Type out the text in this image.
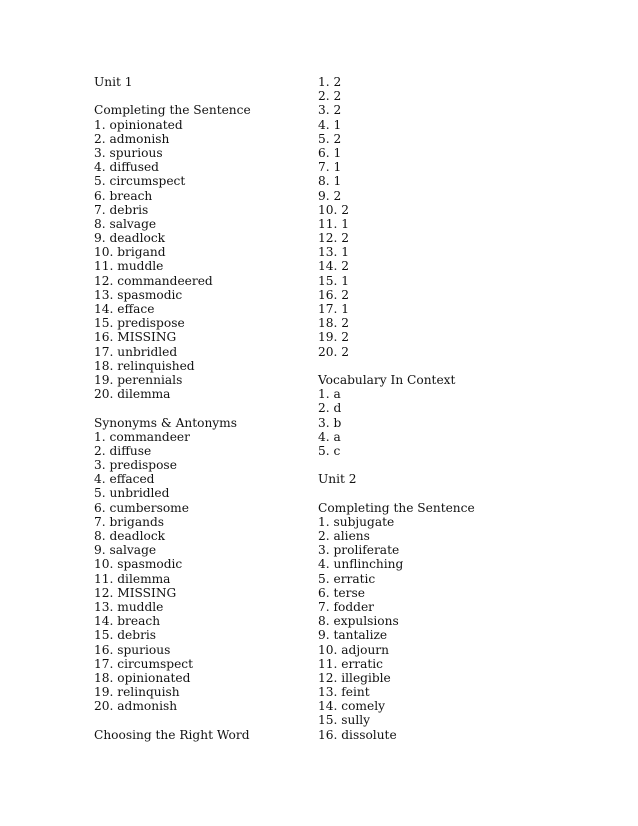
Unit 1
Completing the Sentence
1. opinionated
2. admonish
3. spurious
4. diffused
5. circumspect
6. breach
7. debris
8. salvage
9. deadlock
10. brigand
11. muddle
12. commandeered
13. spasmodic
14. efface
15. predispose
16. MISSING
17. unbridled
18. relinquished
19. perennials
20. dilemma
Synonyms & Antonyms
1. commandeer
2. diffuse
3. predispose
4. effaced
5. unbridled
6. cumbersome
7. brigands
8. deadlock
9. salvage
10. spasmodic
11. dilemma
12. MISSING
13. muddle
14. breach
15. debris
16. spurious
17. circumspect
18. opinionated
19. relinquish
20. admonish
Choosing the Right Word
1. 2
2. 2
3. 2
4. 1
5. 2
6. 1
7. 1
8. 1
9. 2
10. 2
11. 1
12. 2
13. 1
14. 2
15. 1
16. 2
17. 1
18. 2
19. 2
20. 2
Vocabulary In Context
1. a
2. d
3. b
4. a
5. c
Unit 2
Completing the Sentence
1. subjugate
2. aliens
3. proliferate
4. unflinching
5. erratic
6. terse
7. fodder
8. expulsions
9. tantalize
10. adjourn
11. erratic
12. illegible
13. feint
14. comely
15. sully
16. dissolute
